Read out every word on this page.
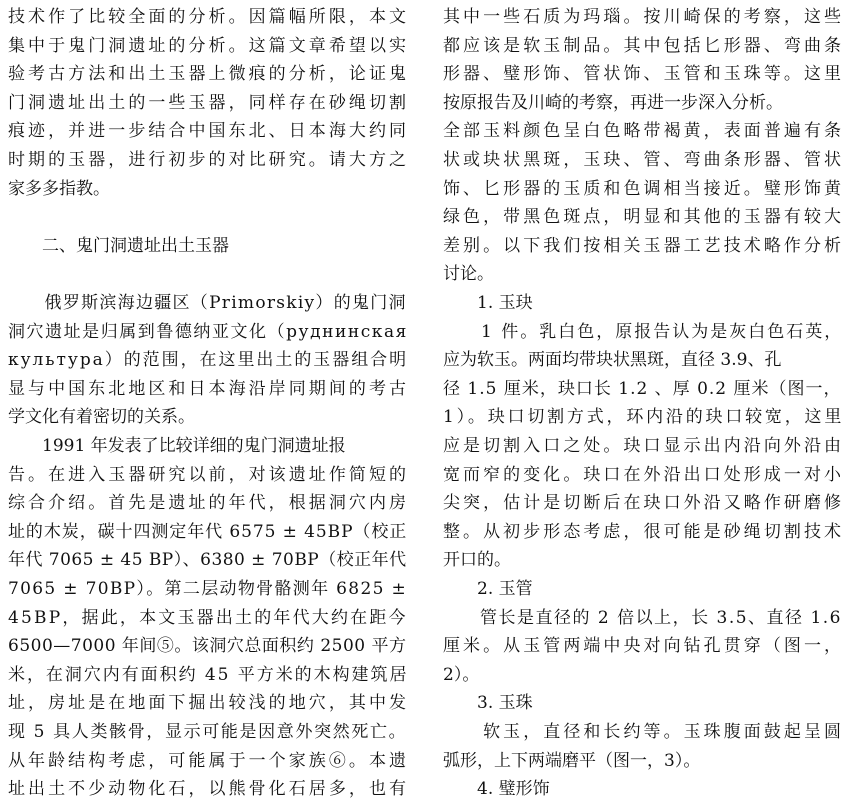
技术作了比较全面的分析。因篇幅所限，本文
集中于鬼门洞遗址的分析。这篇文章希望以实
验考古方法和出土玉器上微痕的分析，论证鬼
门洞遗址出土的一些玉器，同样存在砂绳切割
痕迹，并进一步结合中国东北、日本海大约同
时期的玉器，进行初步的对比研究。请大方之
家多多指教。
　　二、鬼门洞遗址出土玉器
　　俄罗斯滨海边疆区（Primorskiy）的鬼门洞
洞穴遗址是归属到鲁德纳亚文化（руднинская
культура）的范围，在这里出土的玉器组合明
显与中国东北地区和日本海沿岸同期间的考古
学文化有着密切的关系。
　　1991 年发表了比较详细的鬼门洞遗址报
告。在进入玉器研究以前，对该遗址作简短的
综合介绍。首先是遗址的年代，根据洞穴内房
址的木炭，碳十四测定年代 6575 ± 45BP（校正
年代 7065 ± 45 BP）、6380 ± 70BP（校正年代
7065 ± 70BP）。第二层动物骨骼测年 6825 ±
45BP，据此，本文玉器出土的年代大约在距今
6500—7000 年间⑤。该洞穴总面积约 2500 平方
米，在洞穴内有面积约 45 平方米的木构建筑居
址，房址是在地面下掘出较浅的地穴，其中发
现 5 具人类骸骨，显示可能是因意外突然死亡。
从年龄结构考虑，可能属于一个家族⑥。本遗
址出土不少动物化石，以熊骨化石居多，也有
其中一些石质为玛瑙。按川崎保的考察，这些
都应该是软玉制品。其中包括匕形器、弯曲条
形器、璧形饰、管状饰、玉管和玉珠等。这里
按原报告及川崎的考察，再进一步深入分析。
全部玉料颜色呈白色略带褐黄，表面普遍有条
状或块状黑斑，玉玦、管、弯曲条形器、管状
饰、匕形器的玉质和色调相当接近。璧形饰黄
绿色，带黑色斑点，明显和其他的玉器有较大
差别。以下我们按相关玉器工艺技术略作分析
讨论。
　　1. 玉玦
　　1 件。乳白色，原报告认为是灰白色石英，
应为软玉。两面均带块状黑斑，直径 3.9、孔
径 1.5 厘米，玦口长 1.2 、厚 0.2 厘米（图一，
1）。玦口切割方式，环内沿的玦口较宽，这里
应是切割入口之处。玦口显示出内沿向外沿由
宽而窄的变化。玦口在外沿出口处形成一对小
尖突，估计是切断后在玦口外沿又略作研磨修
整。从初步形态考虑，很可能是砂绳切割技术
开口的。
　　2. 玉管
　　管长是直径的 2 倍以上，长 3.5、直径 1.6
厘米。从玉管两端中央对向钻孔贯穿（图一，
2）。
　　3. 玉珠
　　软玉，直径和长约等。玉珠腹面鼓起呈圆
弧形，上下两端磨平（图一，3）。
　　4. 璧形饰
